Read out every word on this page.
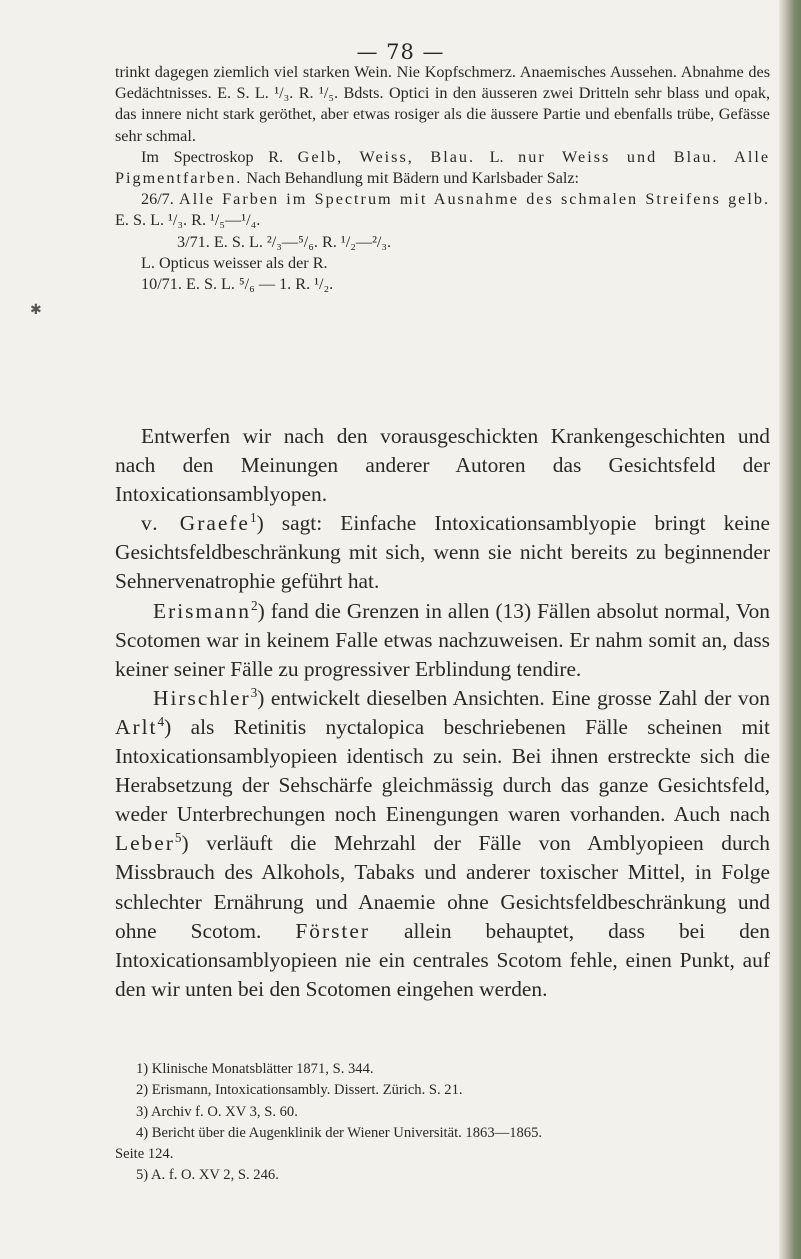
✱
— 78 —

trinkt dagegen ziemlich viel starken Wein. Nie Kopfschmerz. Anaemisches Aussehen. Abnahme des Gedächtnisses. E. S. L. ¹/₃. R. ¹/₅. Bdsts. Optici in den äusseren zwei Dritteln sehr blass und opak, das innere nicht stark geröthet, aber etwas rosiger als die äussere Partie und ebenfalls trübe, Gefässe sehr schmal.

Im Spectroskop R. Gelb, Weiss, Blau. L. nur Weiss und Blau. Alle Pigmentfarben. Nach Behandlung mit Bädern und Karlsbader Salz:

26/7. Alle Farben im Spectrum mit Ausnahme des schmalen Streifens gelb. E. S. L. ¹/₃. R. ¹/₅—¹/₄.

3/71. E. S. L. ²/₃—⁵/₆. R. ¹/₂—²/₃.

L. Opticus weisser als der R.

10/71. E. S. L. ⁵/₆ — 1. R. ¹/₂.

Entwerfen wir nach den vorausgeschickten Krankengeschichten und nach den Meinungen anderer Autoren das Gesichtsfeld der Intoxicationsamblyopen.

v. Graefe$^1$) sagt: Einfache Intoxicationsamblyopie bringt keine Gesichtsfeldbeschränkung mit sich, wenn sie nicht bereits zu beginnender Sehnervenatrophie geführt hat.

Erismann$^2$) fand die Grenzen in allen (13) Fällen absolut normal, Von Scotomen war in keinem Falle etwas nachzuweisen. Er nahm somit an, dass keiner seiner Fälle zu progressiver Erblindung tendire.

Hirschler$^3$) entwickelt dieselben Ansichten. Eine grosse Zahl der von Arlt$^4$) als Retinitis nyctalopica beschriebenen Fälle scheinen mit Intoxicationsamblyopieen identisch zu sein. Bei ihnen erstreckte sich die Herabsetzung der Sehschärfe gleichmässig durch das ganze Gesichtsfeld, weder Unterbrechungen noch Einengungen waren vorhanden. Auch nach Leber$^5$) verläuft die Mehrzahl der Fälle von Amblyopieen durch Missbrauch des Alkohols, Tabaks und anderer toxischer Mittel, in Folge schlechter Ernährung und Anaemie ohne Gesichtsfeldbeschränkung und ohne Scotom. Förster allein behauptet, dass bei den Intoxicationsamblyopieen nie ein centrales Scotom fehle, einen Punkt, auf den wir unten bei den Scotomen eingehen werden.

1) Klinische Monatsblätter 1871, S. 344.
2) Erismann, Intoxicationsambly. Dissert. Zürich. S. 21.
3) Archiv f. O. XV 3, S. 60.
4) Bericht über die Augenklinik der Wiener Universität. 1863—1865.
Seite 124.
5) A. f. O. XV 2, S. 246.
